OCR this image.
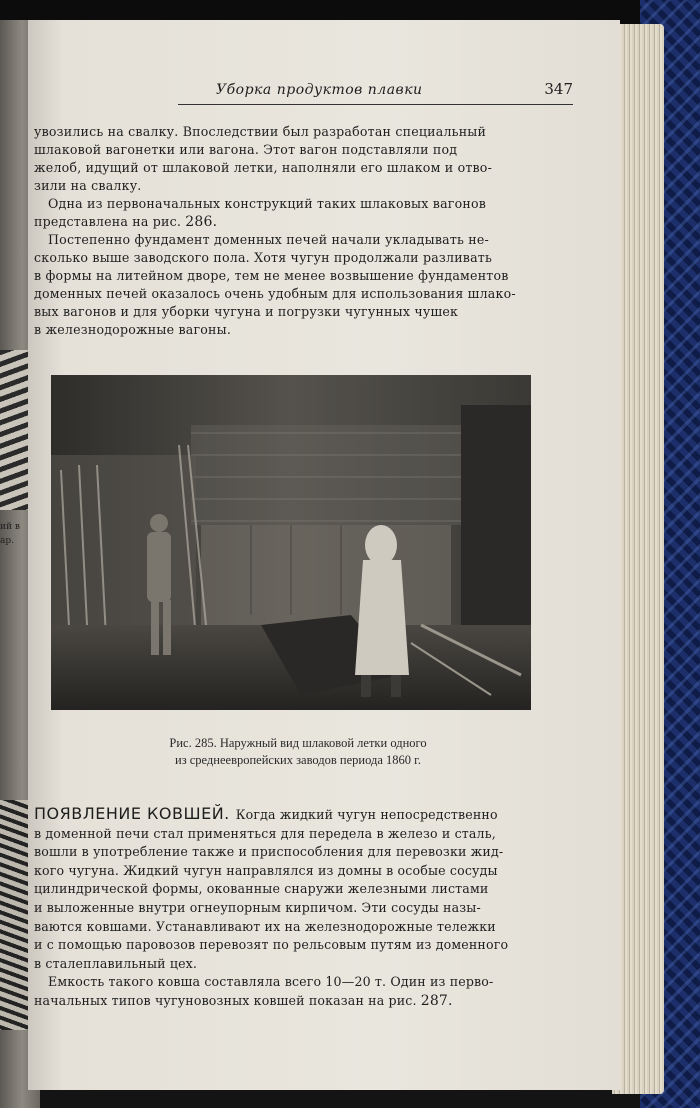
ий в
ар.
Уборка продуктов плавки	347

увозились на свалку. Впоследствии был разработан специальный
шлаковой вагонетки или вагона. Этот вагон подставляли под
желоб, идущий от шлаковой летки, наполняли его шлаком и отво-
зили на свалку.

Одна из первоначальных конструкций таких шлаковых вагонов
представлена на рис. 286.

Постепенно фундамент доменных печей начали укладывать не-
сколько выше заводского пола. Хотя чугун продолжали разливать
в формы на литейном дворе, тем не менее возвышение фундаментов
доменных печей оказалось очень удобным для использования шлако-
вых вагонов и для уборки чугуна и погрузки чугунных чушек
в железнодорожные вагоны.

Рис. 285. Наружный вид шлаковой летки одного
из среднеевропейских заводов периода 1860 г.

ПОЯВЛЕНИЕ КОВШЕЙ. Когда жидкий чугун непосредственно
в доменной печи стал применяться для передела в железо и сталь,
вошли в употребление также и приспособления для перевозки жид-
кого чугуна. Жидкий чугун направлялся из домны в особые сосуды
цилиндрической формы, окованные снаружи железными листами
и выложенные внутри огнеупорным кирпичом. Эти сосуды назы-
ваются ковшами. Устанавливают их на железнодорожные тележки
и с помощью паровозов перевозят по рельсовым путям из доменного
в сталеплавильный цех.

Емкость такого ковша составляла всего 10—20 т. Один из перво-
начальных типов чугуновозных ковшей показан на рис. 287.
